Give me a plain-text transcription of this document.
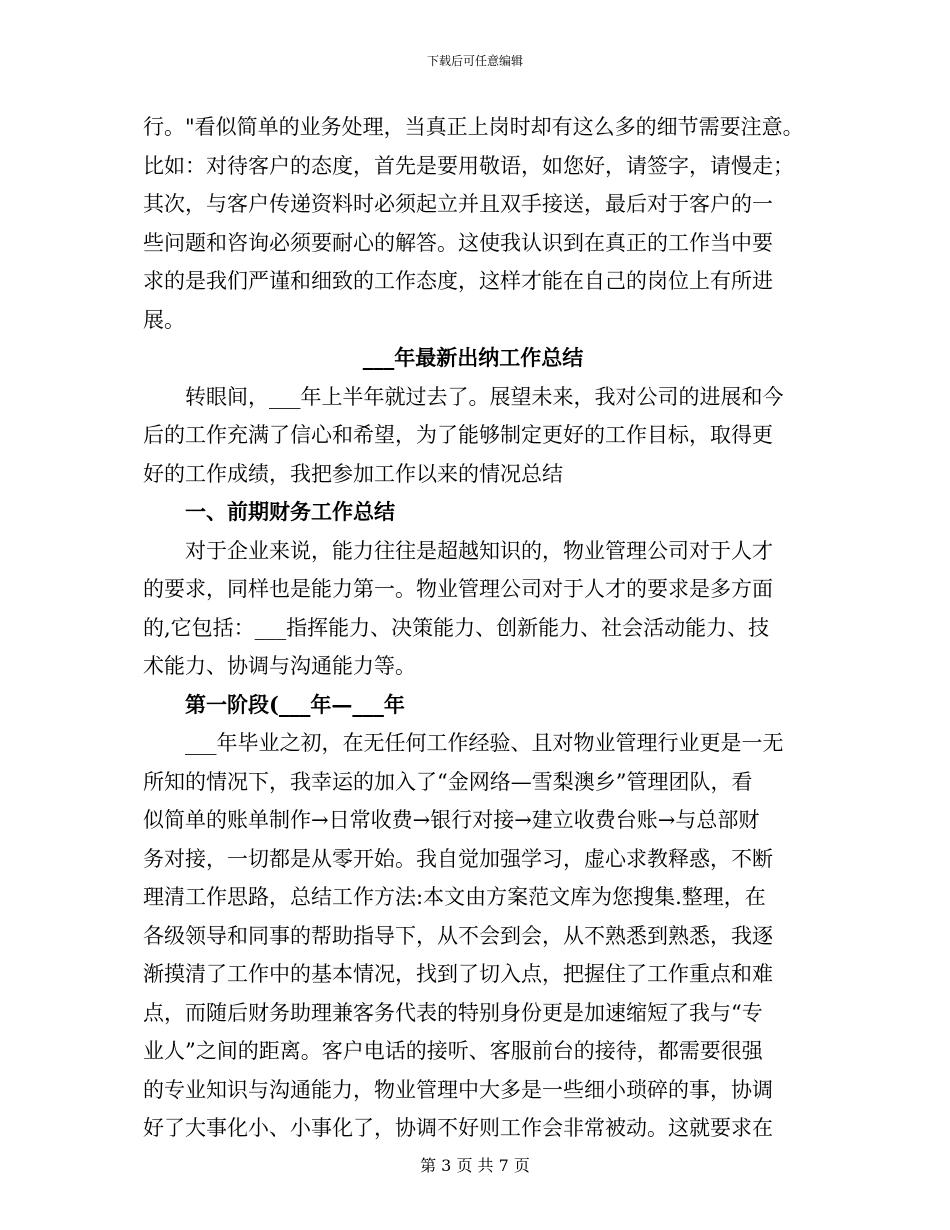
下载后可任意编辑
行。"看似简单的业务处理，当真正上岗时却有这么多的细节需要注意。
比如：对待客户的态度，首先是要用敬语，如您好，请签字，请慢走；
其次，与客户传递资料时必须起立并且双手接送，最后对于客户的一
些问题和咨询必须要耐心的解答。这使我认识到在真正的工作当中要
求的是我们严谨和细致的工作态度，这样才能在自己的岗位上有所进
展。
___年最新出纳工作总结
转眼间，___年上半年就过去了。展望未来，我对公司的进展和今
后的工作充满了信心和希望，为了能够制定更好的工作目标，取得更
好的工作成绩，我把参加工作以来的情况总结
一、前期财务工作总结
对于企业来说，能力往往是超越知识的，物业管理公司对于人才
的要求，同样也是能力第一。物业管理公司对于人才的要求是多方面
的,它包括：___指挥能力、决策能力、创新能力、社会活动能力、技
术能力、协调与沟通能力等。
第一阶段(___年—___年
___年毕业之初，在无任何工作经验、且对物业管理行业更是一无
所知的情况下，我幸运的加入了“金网络—雪梨澳乡”管理团队，看
似简单的账单制作→日常收费→银行对接→建立收费台账→与总部财
务对接，一切都是从零开始。我自觉加强学习，虚心求教释惑，不断
理清工作思路，总结工作方法:本文由方案范文库为您搜集.整理，在
各级领导和同事的帮助指导下，从不会到会，从不熟悉到熟悉，我逐
渐摸清了工作中的基本情况，找到了切入点，把握住了工作重点和难
点，而随后财务助理兼客务代表的特别身份更是加速缩短了我与“专
业人”之间的距离。客户电话的接听、客服前台的接待，都需要很强
的专业知识与沟通能力，物业管理中大多是一些细小琐碎的事，协调
好了大事化小、小事化了，协调不好则工作会非常被动。这就要求在
第 3 页 共 7 页
